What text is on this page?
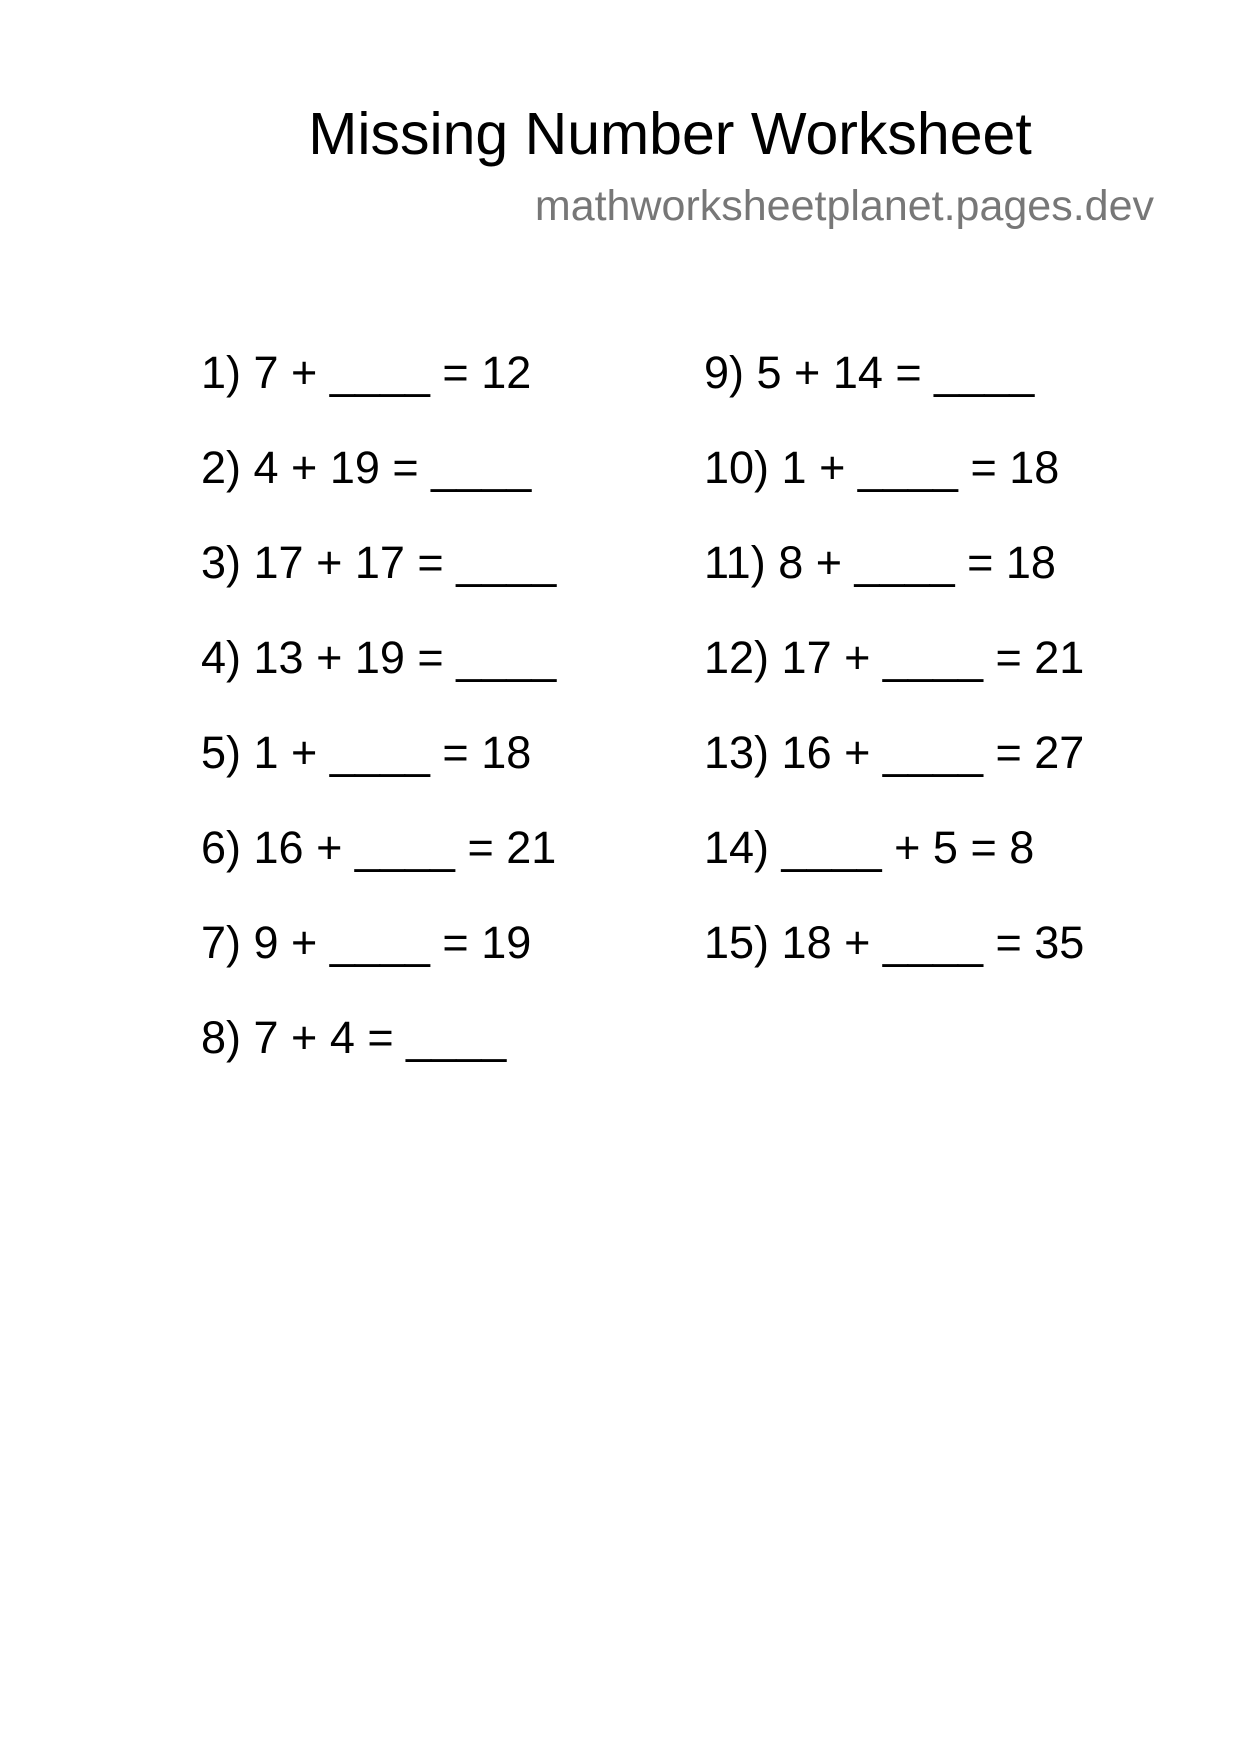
Missing Number Worksheet

mathworksheetplanet.pages.dev

1) 7 + ____ = 12
2) 4 + 19 = ____
3) 17 + 17 = ____
4) 13 + 19 = ____
5) 1 + ____ = 18
6) 16 + ____ = 21
7) 9 + ____ = 19
8) 7 + 4 = ____
9) 5 + 14 = ____
10) 1 + ____ = 18
11) 8 + ____ = 18
12) 17 + ____ = 21
13) 16 + ____ = 27
14) ____ + 5 = 8
15) 18 + ____ = 35
